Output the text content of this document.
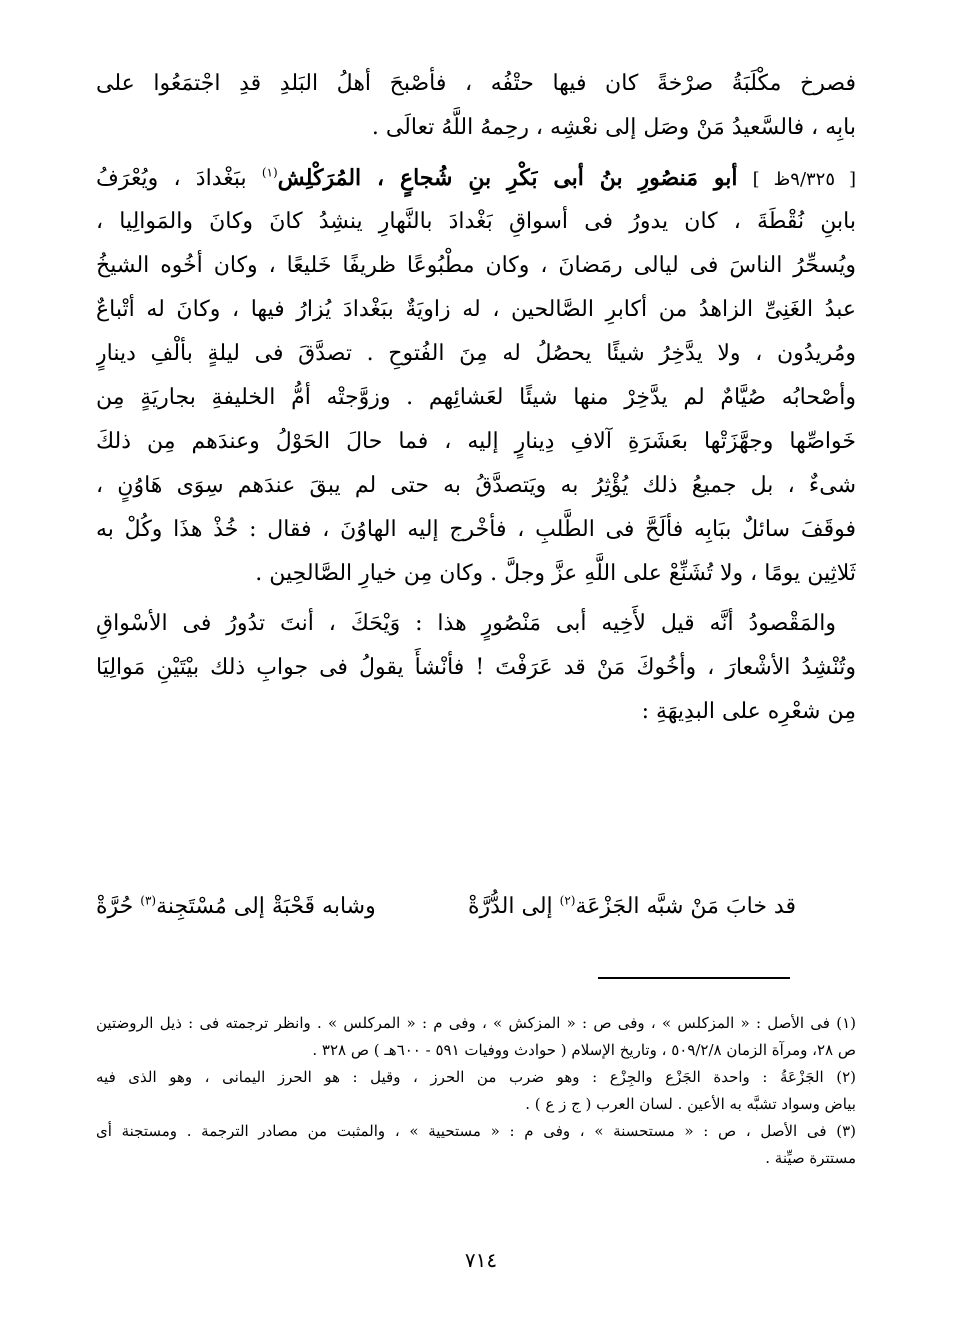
فصرخ مكْلَبَةُ صرْخةً كان فيها حتْفُه ، فأصْبحَ أهلُ البَلدِ قدِ اجْتمَعُوا على
بابِه ، فالسَّعيدُ مَنْ وصَل إلى نعْشِه ، رحِمهُ اللَّهُ تعالَى .
[ ٩/٣٢٥ظ ] أبو مَنصُورِ بنُ أبى بَكْرِ بنِ شُجاعٍ ، المُرَكْلِش$^{(١)}$ ببَغْدادَ ، ويُعْرَفُ
بابنِ نُقْطَةَ ، كان يدورُ فى أسواقِ بَغْدادَ بالنَّهارِ ينشِدُ كانَ وكانَ والمَوالِيا ،
ويُسحِّرُ الناسَ فى ليالى رمَضانَ ، وكان مطْبُوعًا ظريفًا خَليعًا ، وكان أخُوه الشيخُ
عبدُ الغَنِىِّ الزاهدُ من أكابرِ الصَّالحين ، له زاويَةٌ ببَغْدادَ يُزارُ فيها ، وكانَ له أتْباعٌ
ومُريدُون ، ولا يدَّخِرُ شيئًا يحصُلُ له مِنَ الفُتوحِ . تصدَّقَ فى ليلةٍ بألْفِ دينارٍ
وأصْحابُه صُيَّامٌ لم يدَّخِرْ منها شيئًا لعَشائِهم . وزوَّجتْه أمُّ الخليفةِ بجاريَةٍ مِن
خَواصِّها وجهَّزَتْها بعَشَرَةِ آلافِ دِينارٍ إليه ، فما حالَ الحَوْلُ وعندَهم مِن ذلكَ
شىءٌ ، بل جميعُ ذلك يُؤْثِرُ به ويَتصدَّقُ به حتى لم يبقَ عندَهم سِوَى هَاوُنٍ ،
فوقَفَ سائلٌ ببَابِه فألَحَّ فى الطَّلبِ ، فأخْرج إليه الهاوُنَ ، فقال : خُذْ هذَا وكُلْ به
ثَلاثِين يومًا ، ولا تُشَنِّعْ على اللَّهِ عزَّ وجلَّ . وكان مِن خيارِ الصَّالحِين .
والمَقْصودُ أنَّه قيل لأَخِيه أبى مَنْصُورٍ هذا : وَيْحَكَ ، أنتَ تدُورُ فى الأسْواقِ
وتُنْشِدُ الأشْعارَ ، وأخُوكَ مَنْ قد عَرَفْتَ ! فأنْشأَ يقولُ فى جوابِ ذلك بيْتَيْنِ مَوالِيَا
مِن شعْرِه على البدِيهَةِ :
قد خابَ مَنْ شبَّه الجَزْعَة$^{(٢)}$ إلى الدُّرَّةْ
وشابه قَحْبَةْ إلى مُسْتَجِنة$^{(٣)}$ حُرَّةْ
(١) فى الأصل : « المزكلس » ، وفى ص : « المزكش » ، وفى م : « المركلس » . وانظر ترجمته فى : ذيل الروضتين
ص ٢٨، ومرآة الزمان ٥٠٩/٢/٨ ، وتاريخ الإسلام ( حوادث ووفيات ٥٩١ - ٦٠٠هـ ) ص ٣٢٨ .
(٢) الجَزْعَةُ : واحدة الجَزْع والجِزْع : وهو ضرب من الحرز ، وقيل : هو الحرز اليمانى ، وهو الذى فيه
بياض وسواد تشبَّه به الأعين . لسان العرب ( ج ز ع ) .
(٣) فى الأصل ، ص : « مستحسنة » ، وفى م : « مستحيية » ، والمثبت من مصادر الترجمة . ومستجنة أى
مستترة صيِّنة .
٧١٤
